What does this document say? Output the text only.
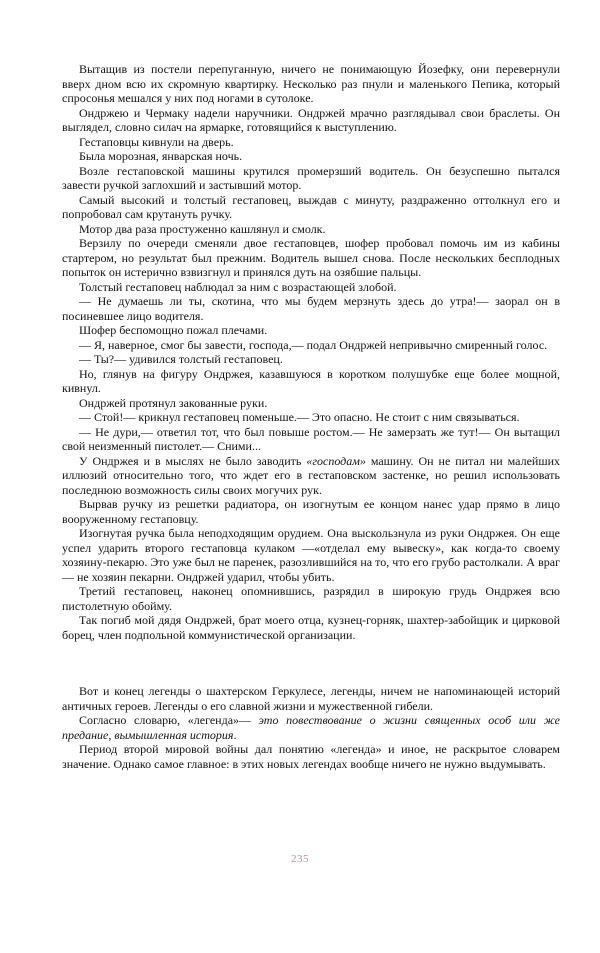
Вытащив из постели перепуганную, ничего не понимающую Йозефку, они перевернули вверх дном всю их скромную квартирку. Несколько раз пнули и маленького Пепика, который спросонья мешался у них под ногами в сутолоке.

Ондржею и Чермаку надели наручники. Ондржей мрачно разглядывал свои браслеты. Он выглядел, словно силач на ярмарке, готовящийся к выступлению.

Гестаповцы кивнули на дверь.

Была морозная, январская ночь.

Возле гестаповской машины крутился промерзший водитель. Он безуспешно пытался завести ручкой заглохший и застывший мотор.

Самый высокий и толстый гестаповец, выждав с минуту, раздраженно оттолкнул его и попробовал сам крутануть ручку.

Мотор два раза простуженно кашлянул и смолк.

Верзилу по очереди сменяли двое гестаповцев, шофер пробовал помочь им из кабины стартером, но результат был прежним. Водитель вышел снова. После нескольких бесплодных попыток он истерично взвизгнул и принялся дуть на озябшие пальцы.

Толстый гестаповец наблюдал за ним с возрастающей злобой.

— Не думаешь ли ты, скотина, что мы будем мерзнуть здесь до утра!— заорал он в посиневшее лицо водителя.

Шофер беспомощно пожал плечами.

— Я, наверное, смог бы завести, господа,— подал Ондржей непривычно смиренный голос.

— Ты?— удивился толстый гестаповец.

Но, глянув на фигуру Ондржея, казавшуюся в коротком полушубке еще более мощной, кивнул.

Ондржей протянул закованные руки.

— Стой!— крикнул гестаповец поменьше.— Это опасно. Не стоит с ним связываться.

— Не дури,— ответил тот, что был повыше ростом.— Не замерзать же тут!— Он вытащил свой неизменный пистолет.— Сними...

У Ондржея и в мыслях не было заводить «господам» машину. Он не питал ни малейших иллюзий относительно того, что ждет его в гестаповском застенке, но решил использовать последнюю возможность силы своих могучих рук.

Вырвав ручку из решетки радиатора, он изогнутым ее концом нанес удар прямо в лицо вооруженному гестаповцу.

Изогнутая ручка была неподходящим орудием. Она выскользнула из руки Ондржея. Он еще успел ударить второго гестаповца кулаком —«отделал ему вывеску», как когда-то своему хозяину-пекарю. Это уже был не паренек, разозлившийся на то, что его грубо растолкали. А враг — не хозяин пекарни. Ондржей ударил, чтобы убить.

Третий гестаповец, наконец опомнившись, разрядил в широкую грудь Ондржея всю пистолетную обойму.

Так погиб мой дядя Ондржей, брат моего отца, кузнец-горняк, шахтер-забойщик и цирковой борец, член подпольной коммунистической организации.

Вот и конец легенды о шахтерском Геркулесе, легенды, ничем не напоминающей историй античных героев. Легенды о его славной жизни и мужественной гибели.

Согласно словарю, «легенда»— это повествование о жизни священных особ или же предание, вымышленная история.

Период второй мировой войны дал понятию «легенда» и иное, не раскрытое словарем значение. Однако самое главное: в этих новых легендах вообще ничего не нужно выдумывать.

235
